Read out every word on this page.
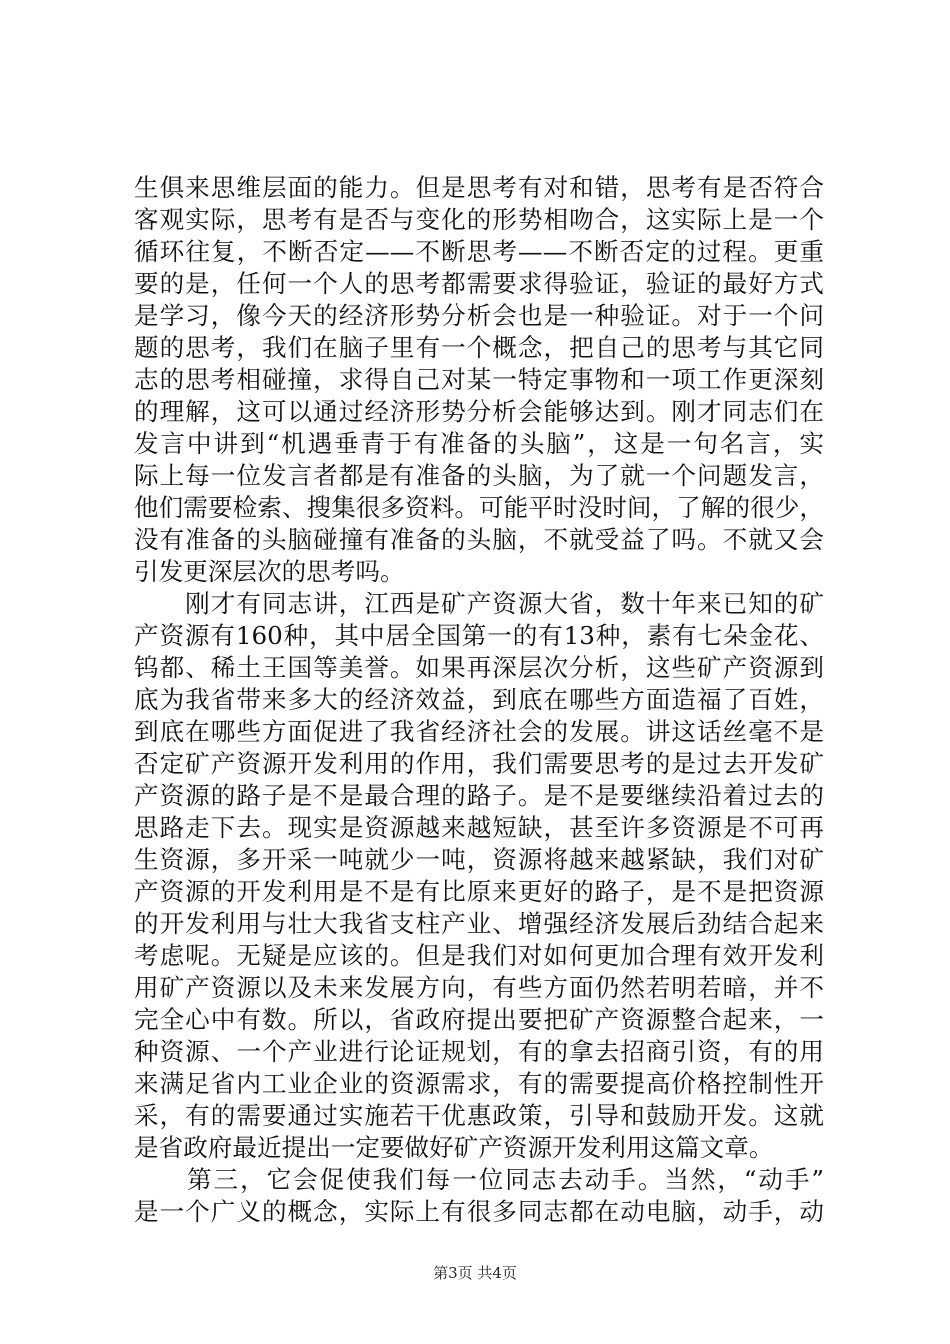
生俱来思维层面的能力。但是思考有对和错，思考有是否符合
客观实际，思考有是否与变化的形势相吻合，这实际上是一个
循环往复，不断否定——不断思考——不断否定的过程。更重
要的是，任何一个人的思考都需要求得验证，验证的最好方式
是学习，像今天的经济形势分析会也是一种验证。对于一个问
题的思考，我们在脑子里有一个概念，把自己的思考与其它同
志的思考相碰撞，求得自己对某一特定事物和一项工作更深刻
的理解，这可以通过经济形势分析会能够达到。刚才同志们在
发言中讲到“机遇垂青于有准备的头脑”，这是一句名言，实
际上每一位发言者都是有准备的头脑，为了就一个问题发言，
他们需要检索、搜集很多资料。可能平时没时间，了解的很少，
没有准备的头脑碰撞有准备的头脑，不就受益了吗。不就又会
引发更深层次的思考吗。
　　刚才有同志讲，江西是矿产资源大省，数十年来已知的矿
产资源有160种，其中居全国第一的有13种，素有七朵金花、
钨都、稀土王国等美誉。如果再深层次分析，这些矿产资源到
底为我省带来多大的经济效益，到底在哪些方面造福了百姓，
到底在哪些方面促进了我省经济社会的发展。讲这话丝毫不是
否定矿产资源开发利用的作用，我们需要思考的是过去开发矿
产资源的路子是不是最合理的路子。是不是要继续沿着过去的
思路走下去。现实是资源越来越短缺，甚至许多资源是不可再
生资源，多开采一吨就少一吨，资源将越来越紧缺，我们对矿
产资源的开发利用是不是有比原来更好的路子，是不是把资源
的开发利用与壮大我省支柱产业、增强经济发展后劲结合起来
考虑呢。无疑是应该的。但是我们对如何更加合理有效开发利
用矿产资源以及未来发展方向，有些方面仍然若明若暗，并不
完全心中有数。所以，省政府提出要把矿产资源整合起来，一
种资源、一个产业进行论证规划，有的拿去招商引资，有的用
来满足省内工业企业的资源需求，有的需要提高价格控制性开
采，有的需要通过实施若干优惠政策，引导和鼓励开发。这就
是省政府最近提出一定要做好矿产资源开发利用这篇文章。
　　第三，它会促使我们每一位同志去动手。当然，“动手”
是一个广义的概念，实际上有很多同志都在动电脑，动手，动
第3页 共4页
